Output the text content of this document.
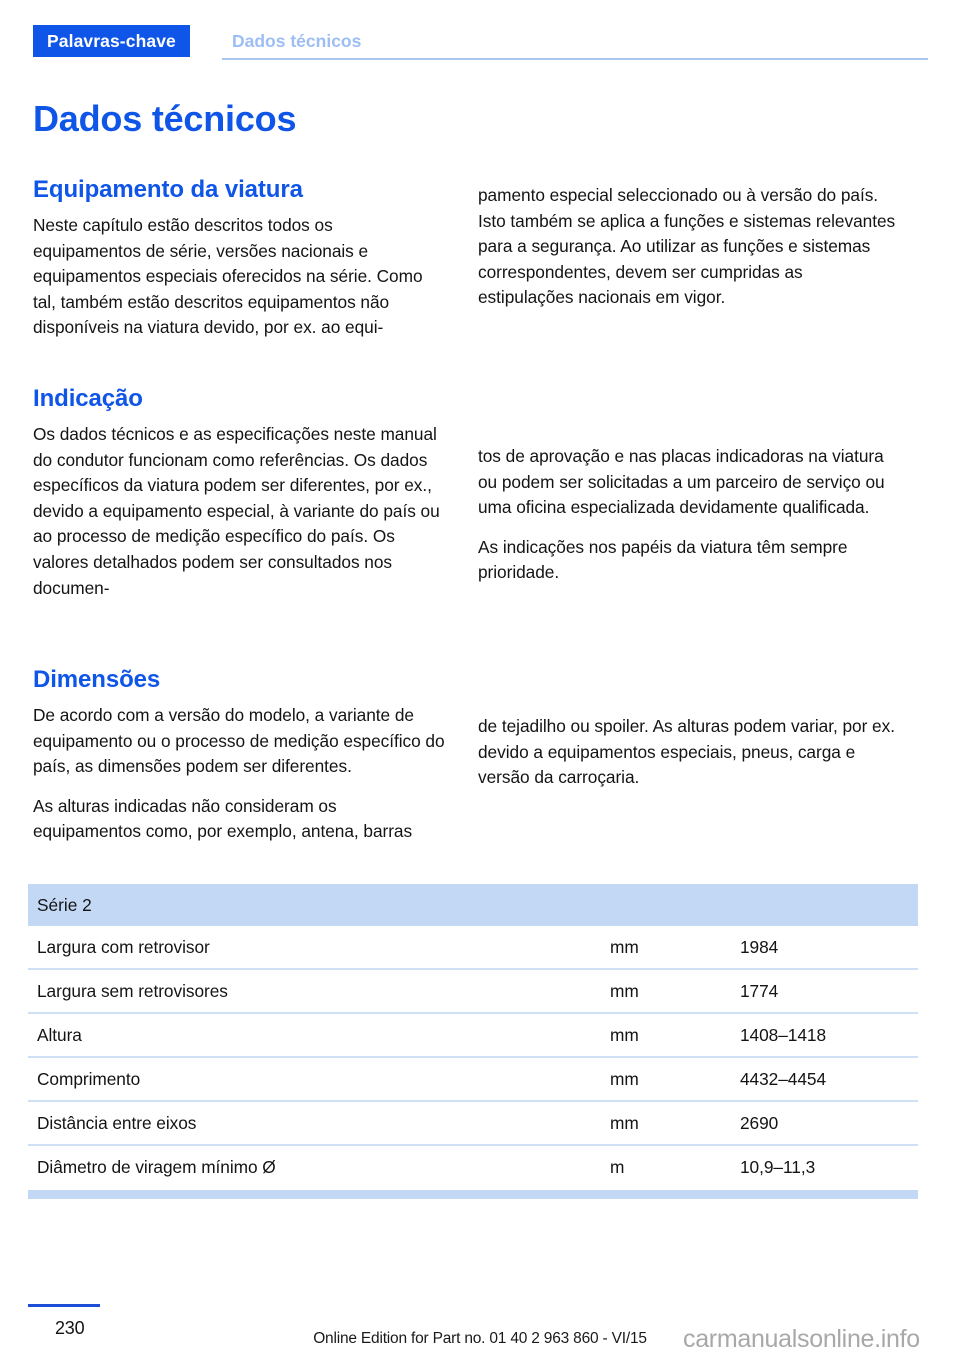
Palavras-chave	Dados técnicos
Dados técnicos
Equipamento da viatura

Neste capítulo estão descritos todos os equipamentos de série, versões nacionais e equipamentos especiais oferecidos na série. Como tal, também estão descritos equipamentos não disponíveis na viatura devido, por ex. ao equi-

pamento especial seleccionado ou à versão do país. Isto também se aplica a funções e sistemas relevantes para a segurança. Ao utilizar as funções e sistemas correspondentes, devem ser cumpridas as estipulações nacionais em vigor.

Indicação

Os dados técnicos e as especificações neste manual do condutor funcionam como referências. Os dados específicos da viatura podem ser diferentes, por ex., devido a equipamento especial, à variante do país ou ao processo de medição específico do país. Os valores detalhados podem ser consultados nos documen-

tos de aprovação e nas placas indicadoras na viatura ou podem ser solicitadas a um parceiro de serviço ou uma oficina especializada devidamente qualificada.

As indicações nos papéis da viatura têm sempre prioridade.

Dimensões

De acordo com a versão do modelo, a variante de equipamento ou o processo de medição específico do país, as dimensões podem ser diferentes.

As alturas indicadas não consideram os equipamentos como, por exemplo, antena, barras

de tejadilho ou spoiler. As alturas podem variar, por ex. devido a equipamentos especiais, pneus, carga e versão da carroçaria.

Série 2		
Largura com retrovisor	mm	1984
Largura sem retrovisores	mm	1774
Altura	mm	1408–1418
Comprimento	mm	4432–4454
Distância entre eixos	mm	2690
Diâmetro de viragem mínimo Ø	m	10,9–11,3
230
Online Edition for Part no. 01 40 2 963 860 - VI/15	carmanualsonline.info
